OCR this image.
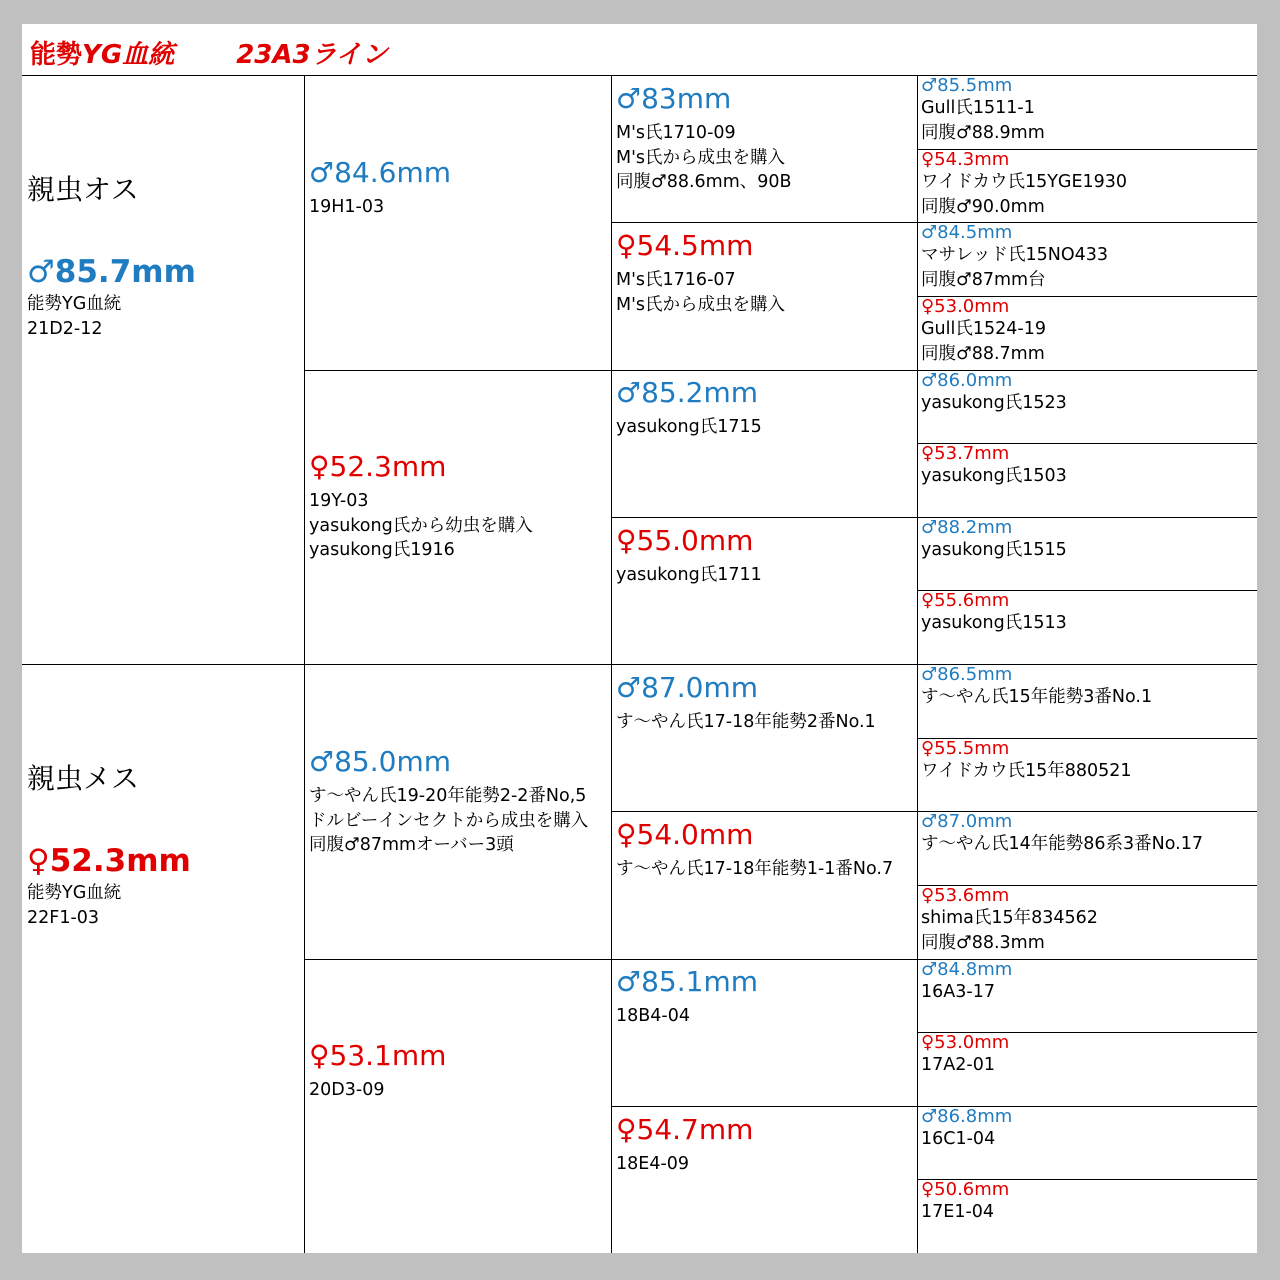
能勢YG血統 23A3ライン
親虫オス
♂85.7mm
能勢YG血統
21D2-12
親虫メス
♀52.3mm
能勢YG血統
22F1-03
♂84.6mm
19H1-03
♀52.3mm
19Y-03
yasukong氏から幼虫を購入
yasukong氏1916
♂85.0mm
す～やん氏19-20年能勢2-2番No,5
ドルビーインセクトから成虫を購入
同腹♂87mmオーバー3頭
♀53.1mm
20D3-09
♂83mm
M's氏1710-09
M's氏から成虫を購入
同腹♂88.6mm、90B
♀54.5mm
M's氏1716-07
M's氏から成虫を購入
♂85.2mm
yasukong氏1715
♀55.0mm
yasukong氏1711
♂87.0mm
す～やん氏17-18年能勢2番No.1
♀54.0mm
す～やん氏17-18年能勢1-1番No.7
♂85.1mm
18B4-04
♀54.7mm
18E4-09
♂85.5mm
Gull氏1511-1
同腹♂88.9mm
♀54.3mm
ワイドカウ氏15YGE1930
同腹♂90.0mm
♂84.5mm
マサレッド氏15NO433
同腹♂87mm台
♀53.0mm
Gull氏1524-19
同腹♂88.7mm
♂86.0mm
yasukong氏1523
♀53.7mm
yasukong氏1503
♂88.2mm
yasukong氏1515
♀55.6mm
yasukong氏1513
♂86.5mm
す～やん氏15年能勢3番No.1
♀55.5mm
ワイドカウ氏15年880521
♂87.0mm
す～やん氏14年能勢86系3番No.17
♀53.6mm
shima氏15年834562
同腹♂88.3mm
♂84.8mm
16A3-17
♀53.0mm
17A2-01
♂86.8mm
16C1-04
♀50.6mm
17E1-04
